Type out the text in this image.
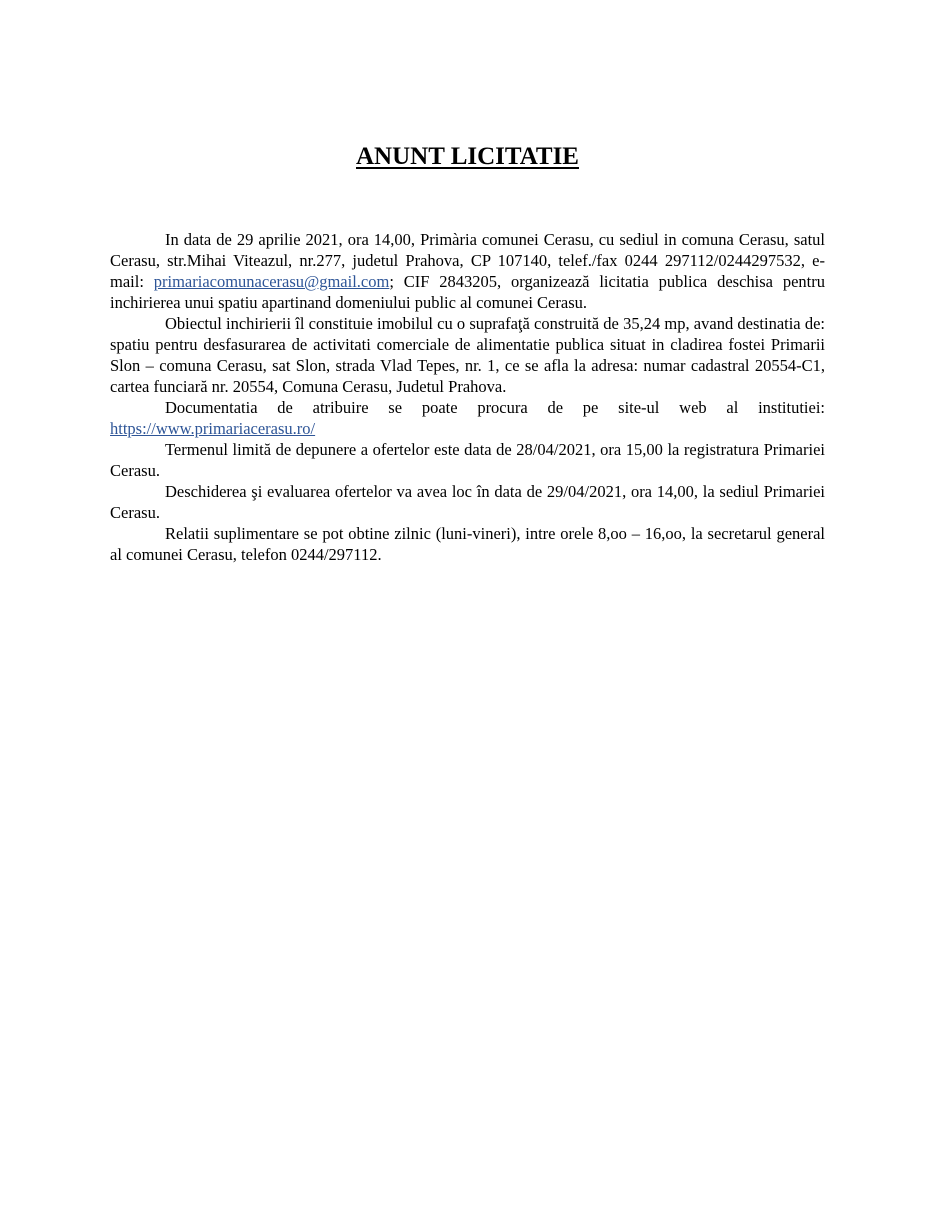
ANUNT LICITATIE

In data de 29 aprilie 2021, ora 14,00, Primària comunei Cerasu, cu sediul in comuna Cerasu, satul Cerasu, str.Mihai Viteazul, nr.277, judetul Prahova, CP 107140, telef./fax 0244 297112/0244297532, e-mail: primariacomunacerasu@gmail.com; CIF 2843205, organizează licitatia publica deschisa pentru inchirierea unui spatiu apartinand domeniului public al comunei Cerasu.

Obiectul inchirierii îl constituie imobilul cu o suprafaţă construită de 35,24 mp, avand destinatia de: spatiu pentru desfasurarea de activitati comerciale de alimentatie publica situat in cladirea fostei Primarii Slon – comuna Cerasu, sat Slon, strada Vlad Tepes, nr. 1, ce se afla la adresa: numar cadastral 20554-C1, cartea funciară nr. 20554, Comuna Cerasu, Judetul Prahova.

Documentatia de atribuire se poate procura de pe site-ul web al institutiei: https://www.primariacerasu.ro/

Termenul limită de depunere a ofertelor este data de 28/04/2021, ora 15,00 la registratura Primariei Cerasu.

Deschiderea şi evaluarea ofertelor va avea loc în data de 29/04/2021, ora 14,00, la sediul Primariei Cerasu.

Relatii suplimentare se pot obtine zilnic (luni-vineri), intre orele 8,oo – 16,oo, la secretarul general al comunei Cerasu, telefon 0244/297112.
